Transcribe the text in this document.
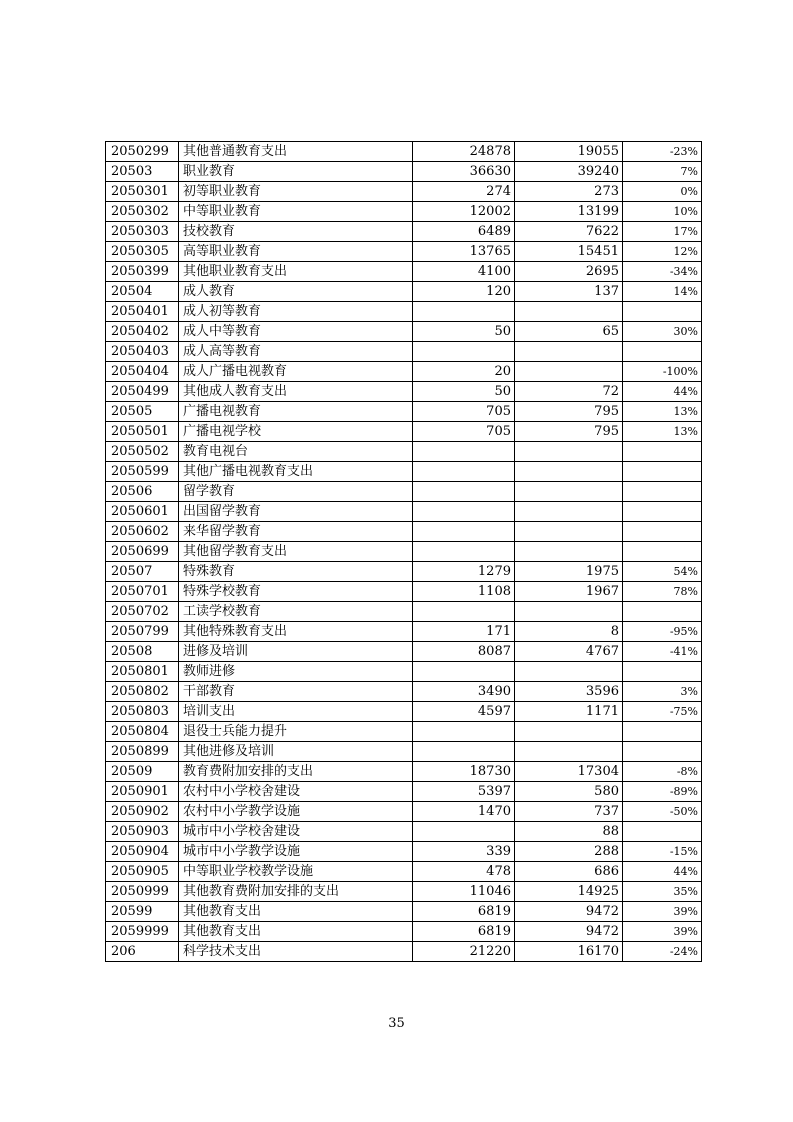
2050299	其他普通教育支出	24878	19055	-23%
20503	职业教育	36630	39240	7%
2050301	初等职业教育	274	273	0%
2050302	中等职业教育	12002	13199	10%
2050303	技校教育	6489	7622	17%
2050305	高等职业教育	13765	15451	12%
2050399	其他职业教育支出	4100	2695	-34%
20504	成人教育	120	137	14%
2050401	成人初等教育			
2050402	成人中等教育	50	65	30%
2050403	成人高等教育			
2050404	成人广播电视教育	20		-100%
2050499	其他成人教育支出	50	72	44%
20505	广播电视教育	705	795	13%
2050501	广播电视学校	705	795	13%
2050502	教育电视台			
2050599	其他广播电视教育支出			
20506	留学教育			
2050601	出国留学教育			
2050602	来华留学教育			
2050699	其他留学教育支出			
20507	特殊教育	1279	1975	54%
2050701	特殊学校教育	1108	1967	78%
2050702	工读学校教育			
2050799	其他特殊教育支出	171	8	-95%
20508	进修及培训	8087	4767	-41%
2050801	教师进修			
2050802	干部教育	3490	3596	3%
2050803	培训支出	4597	1171	-75%
2050804	退役士兵能力提升			
2050899	其他进修及培训			
20509	教育费附加安排的支出	18730	17304	-8%
2050901	农村中小学校舍建设	5397	580	-89%
2050902	农村中小学教学设施	1470	737	-50%
2050903	城市中小学校舍建设		88	
2050904	城市中小学教学设施	339	288	-15%
2050905	中等职业学校教学设施	478	686	44%
2050999	其他教育费附加安排的支出	11046	14925	35%
20599	其他教育支出	6819	9472	39%
2059999	其他教育支出	6819	9472	39%
206	科学技术支出	21220	16170	-24%
35
